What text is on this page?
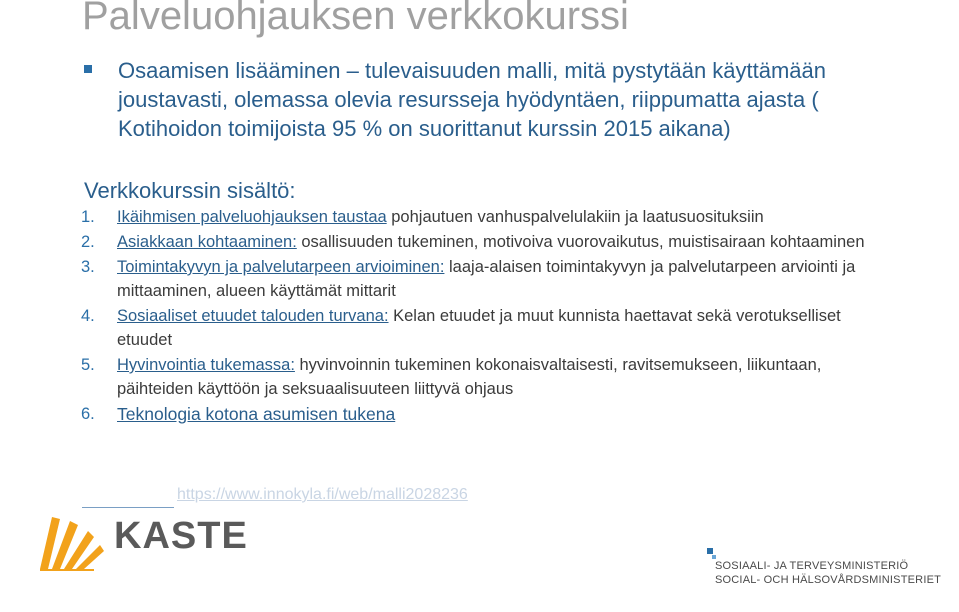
Palveluohjauksen verkkokurssi
Osaamisen lisääminen – tulevaisuuden malli, mitä pystytään käyttämään joustavasti, olemassa olevia resursseja hyödyntäen, riippumatta ajasta ( Kotihoidon toimijoista 95 % on suorittanut kurssin 2015 aikana)
Verkkokurssin sisältö:
1. Ikäihmisen palveluohjauksen taustaa pohjautuen vanhuspalvelulakiin ja laatusuosituksiin
2. Asiakkaan kohtaaminen: osallisuuden tukeminen, motivoiva vuorovaikutus, muistisairaan kohtaaminen
3. Toimintakyvyn ja palvelutarpeen arvioiminen: laaja-alaisen toimintakyvyn ja palvelutarpeen arviointi ja mittaaminen, alueen käyttämät mittarit
4. Sosiaaliset etuudet talouden turvana: Kelan etuudet ja muut kunnista haettavat sekä verotukselliset etuudet
5. Hyvinvointia tukemassa: hyvinvoinnin tukeminen kokonaisvaltaisesti, ravitsemukseen, liikuntaan, päihteiden käyttöön ja seksuaalisuuteen liittyvä ohjaus
6. Teknologia kotona asumisen tukena
https://www.innokyla.fi/web/malli2028236
KASTE
SOSIAALI- JA TERVEYSMINISTERIÖ
SOCIAL- OCH HÄLSOVÅRDSMINISTERIET
